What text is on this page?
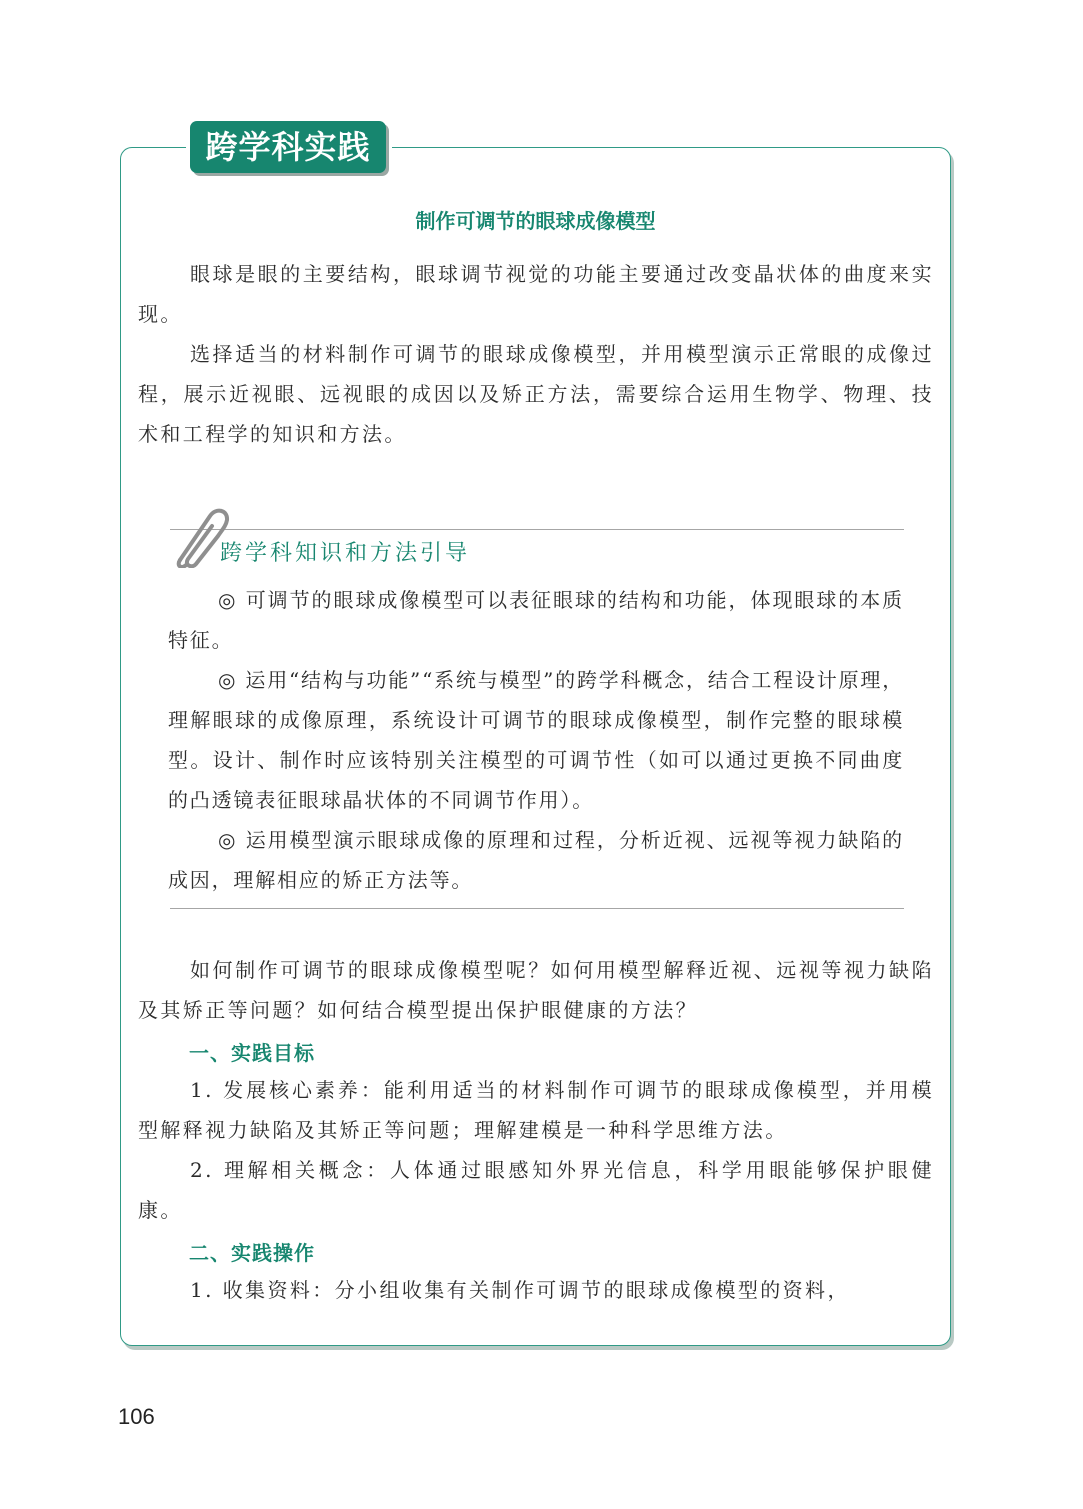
跨学科实践
制作可调节的眼球成像模型

眼球是眼的主要结构，眼球调节视觉的功能主要通过改变晶状体的曲度来实现。

选择适当的材料制作可调节的眼球成像模型，并用模型演示正常眼的成像过程，展示近视眼、远视眼的成因以及矫正方法，需要综合运用生物学、物理、技术和工程学的知识和方法。

跨学科知识和方法引导

◎ 可调节的眼球成像模型可以表征眼球的结构和功能，体现眼球的本质特征。

◎ 运用“结构与功能”“系统与模型”的跨学科概念，结合工程设计原理，理解眼球的成像原理，系统设计可调节的眼球成像模型，制作完整的眼球模型。设计、制作时应该特别关注模型的可调节性（如可以通过更换不同曲度的凸透镜表征眼球晶状体的不同调节作用）。

◎ 运用模型演示眼球成像的原理和过程，分析近视、远视等视力缺陷的成因，理解相应的矫正方法等。

如何制作可调节的眼球成像模型呢？如何用模型解释近视、远视等视力缺陷及其矫正等问题？如何结合模型提出保护眼健康的方法？

一、实践目标

1. 发展核心素养：能利用适当的材料制作可调节的眼球成像模型，并用模型解释视力缺陷及其矫正等问题；理解建模是一种科学思维方法。

2. 理解相关概念：人体通过眼感知外界光信息，科学用眼能够保护眼健康。

二、实践操作

1. 收集资料：分小组收集有关制作可调节的眼球成像模型的资料，

106
